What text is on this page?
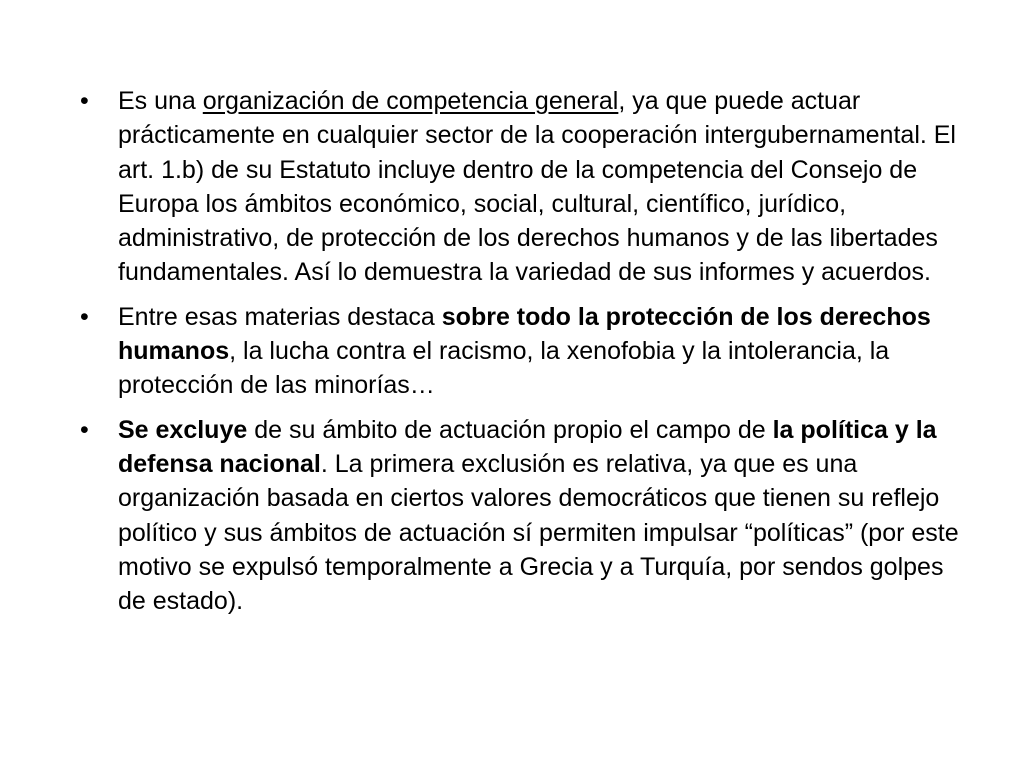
• Es una organización de competencia general, ya que puede actuar prácticamente en cualquier sector de la cooperación intergubernamental. El art. 1.b) de su Estatuto incluye dentro de la competencia del Consejo de Europa los ámbitos económico, social, cultural, científico, jurídico, administrativo, de protección de los derechos humanos y de las libertades fundamentales. Así lo demuestra la variedad de sus informes y acuerdos.
• Entre esas materias destaca sobre todo la protección de los derechos humanos, la lucha contra el racismo, la xenofobia y la intolerancia, la protección de las minorías…
• Se excluye de su ámbito de actuación propio el campo de la política y la defensa nacional. La primera exclusión es relativa, ya que es una organización basada en ciertos valores democráticos que tienen su reflejo político y sus ámbitos de actuación sí permiten impulsar “políticas” (por este motivo se expulsó temporalmente a Grecia y a Turquía, por sendos golpes de estado).
